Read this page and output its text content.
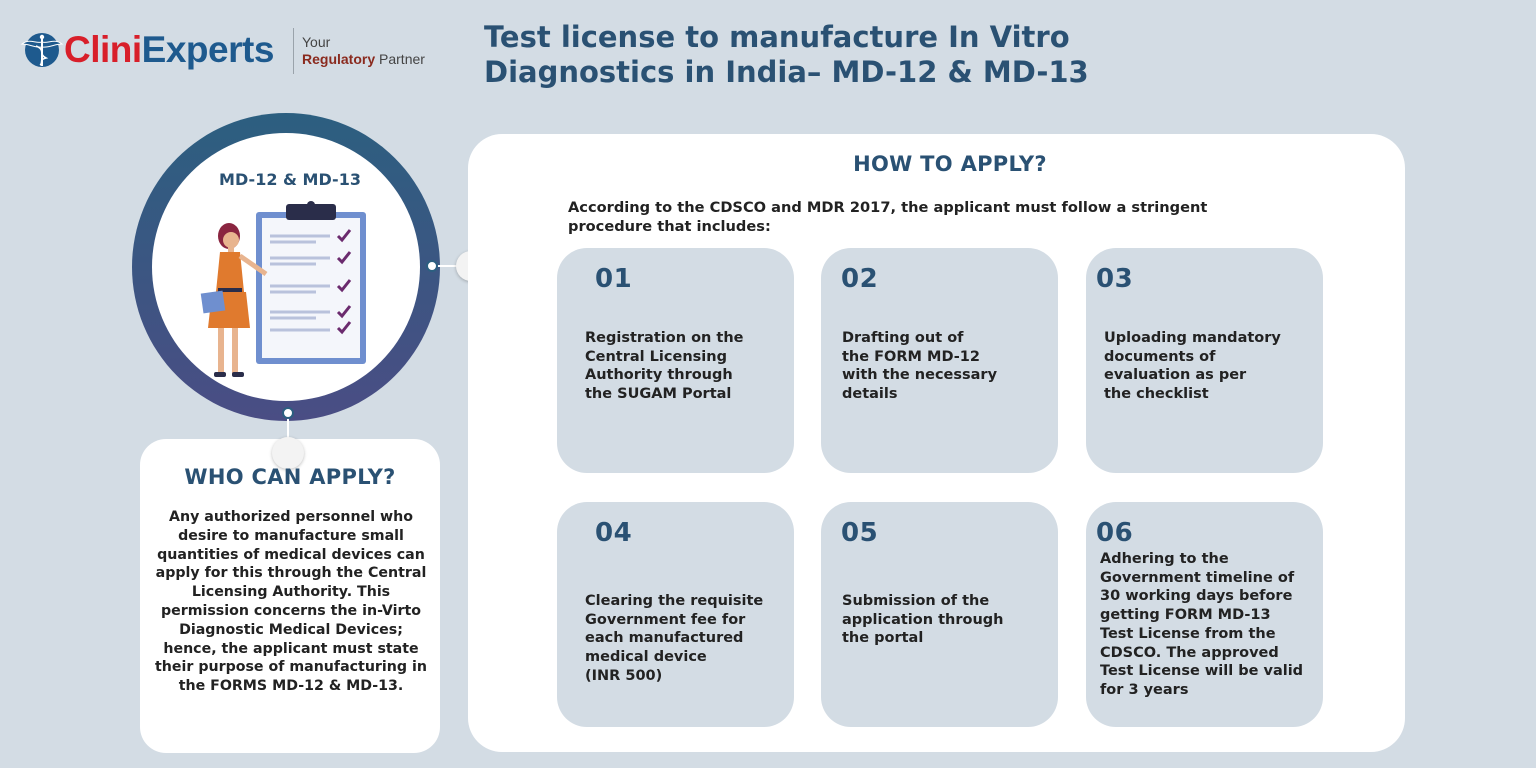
CliniExperts Your
Regulatory Partner
Test license to manufacture In Vitro Diagnostics in India– MD-12 & MD-13
MD-12 & MD-13
WHO CAN APPLY?
Any authorized personnel who desire to manufacture small quantities of medical devices can apply for this through the Central Licensing Authority. This permission concerns the in-Virto Diagnostic Medical Devices; hence, the applicant must state their purpose of manufacturing in the FORMS MD-12 & MD-13.
HOW TO APPLY?
According to the CDSCO and MDR 2017, the applicant must follow a stringent procedure that includes:
01
Registration on the
Central Licensing
Authority through
the SUGAM Portal
02
Drafting out of
the FORM MD-12
with the necessary
details
03
Uploading mandatory
documents of
evaluation as per
the checklist
04
Clearing the requisite
Government fee for
each manufactured
medical device
(INR 500)
05
Submission of the
application through
the portal
06
Adhering to the
Government timeline of
30 working days before
getting FORM MD-13
Test License from the
CDSCO. The approved
Test License will be valid
for 3 years
